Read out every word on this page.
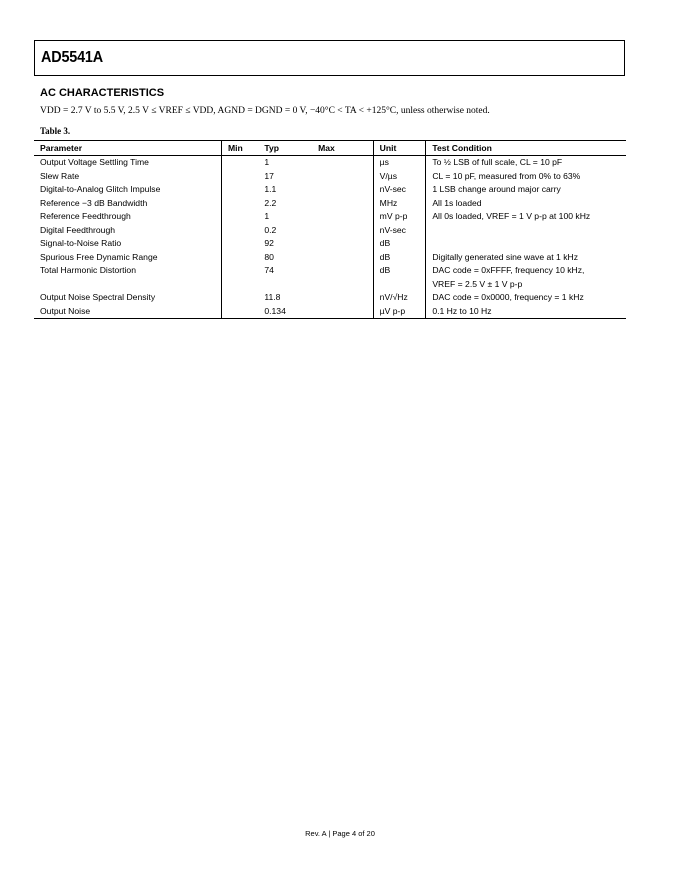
AD5541A
AC CHARACTERISTICS
VDD = 2.7 V to 5.5 V, 2.5 V ≤ VREF ≤ VDD, AGND = DGND = 0 V, −40°C < TA < +125°C, unless otherwise noted.
Table 3.
Parameter	Min	Typ	Max	Unit	Test Condition
Output Voltage Settling Time		1		µs	To ½ LSB of full scale, CL = 10 pF

Slew Rate		17		V/µs	CL = 10 pF, measured from 0% to 63%

Digital-to-Analog Glitch Impulse		1.1		nV-sec	1 LSB change around major carry

Reference −3 dB Bandwidth		2.2		MHz	All 1s loaded

Reference Feedthrough		1		mV p-p	All 0s loaded, VREF = 1 V p-p at 100 kHz

Digital Feedthrough		0.2		nV-sec	

Signal-to-Noise Ratio		92		dB	

Spurious Free Dynamic Range		80		dB	Digitally generated sine wave at 1 kHz

Total Harmonic Distortion		74		dB	DAC code = 0xFFFF, frequency 10 kHz,
VREF = 2.5 V ± 1 V p-p

Output Noise Spectral Density		11.8		nV/√Hz	DAC code = 0x0000, frequency = 1 kHz

Output Noise		0.134		µV p-p	0.1 Hz to 10 Hz
Rev. A | Page 4 of 20
